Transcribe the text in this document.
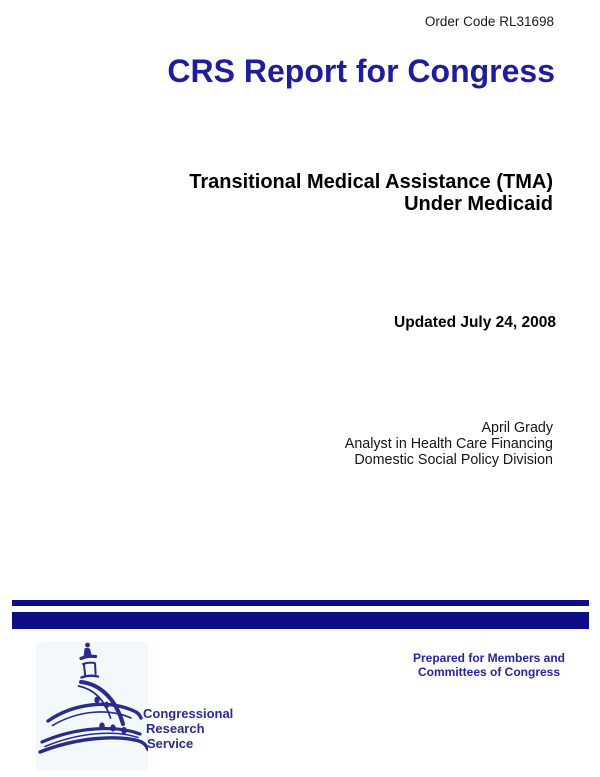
Order Code RL31698
CRS Report for Congress
Transitional Medical Assistance (TMA)
Under Medicaid
Updated July 24, 2008
April Grady
Analyst in Health Care Financing
Domestic Social Policy Division
Congressional
Research
Service
Prepared for Members and
Committees of Congress
